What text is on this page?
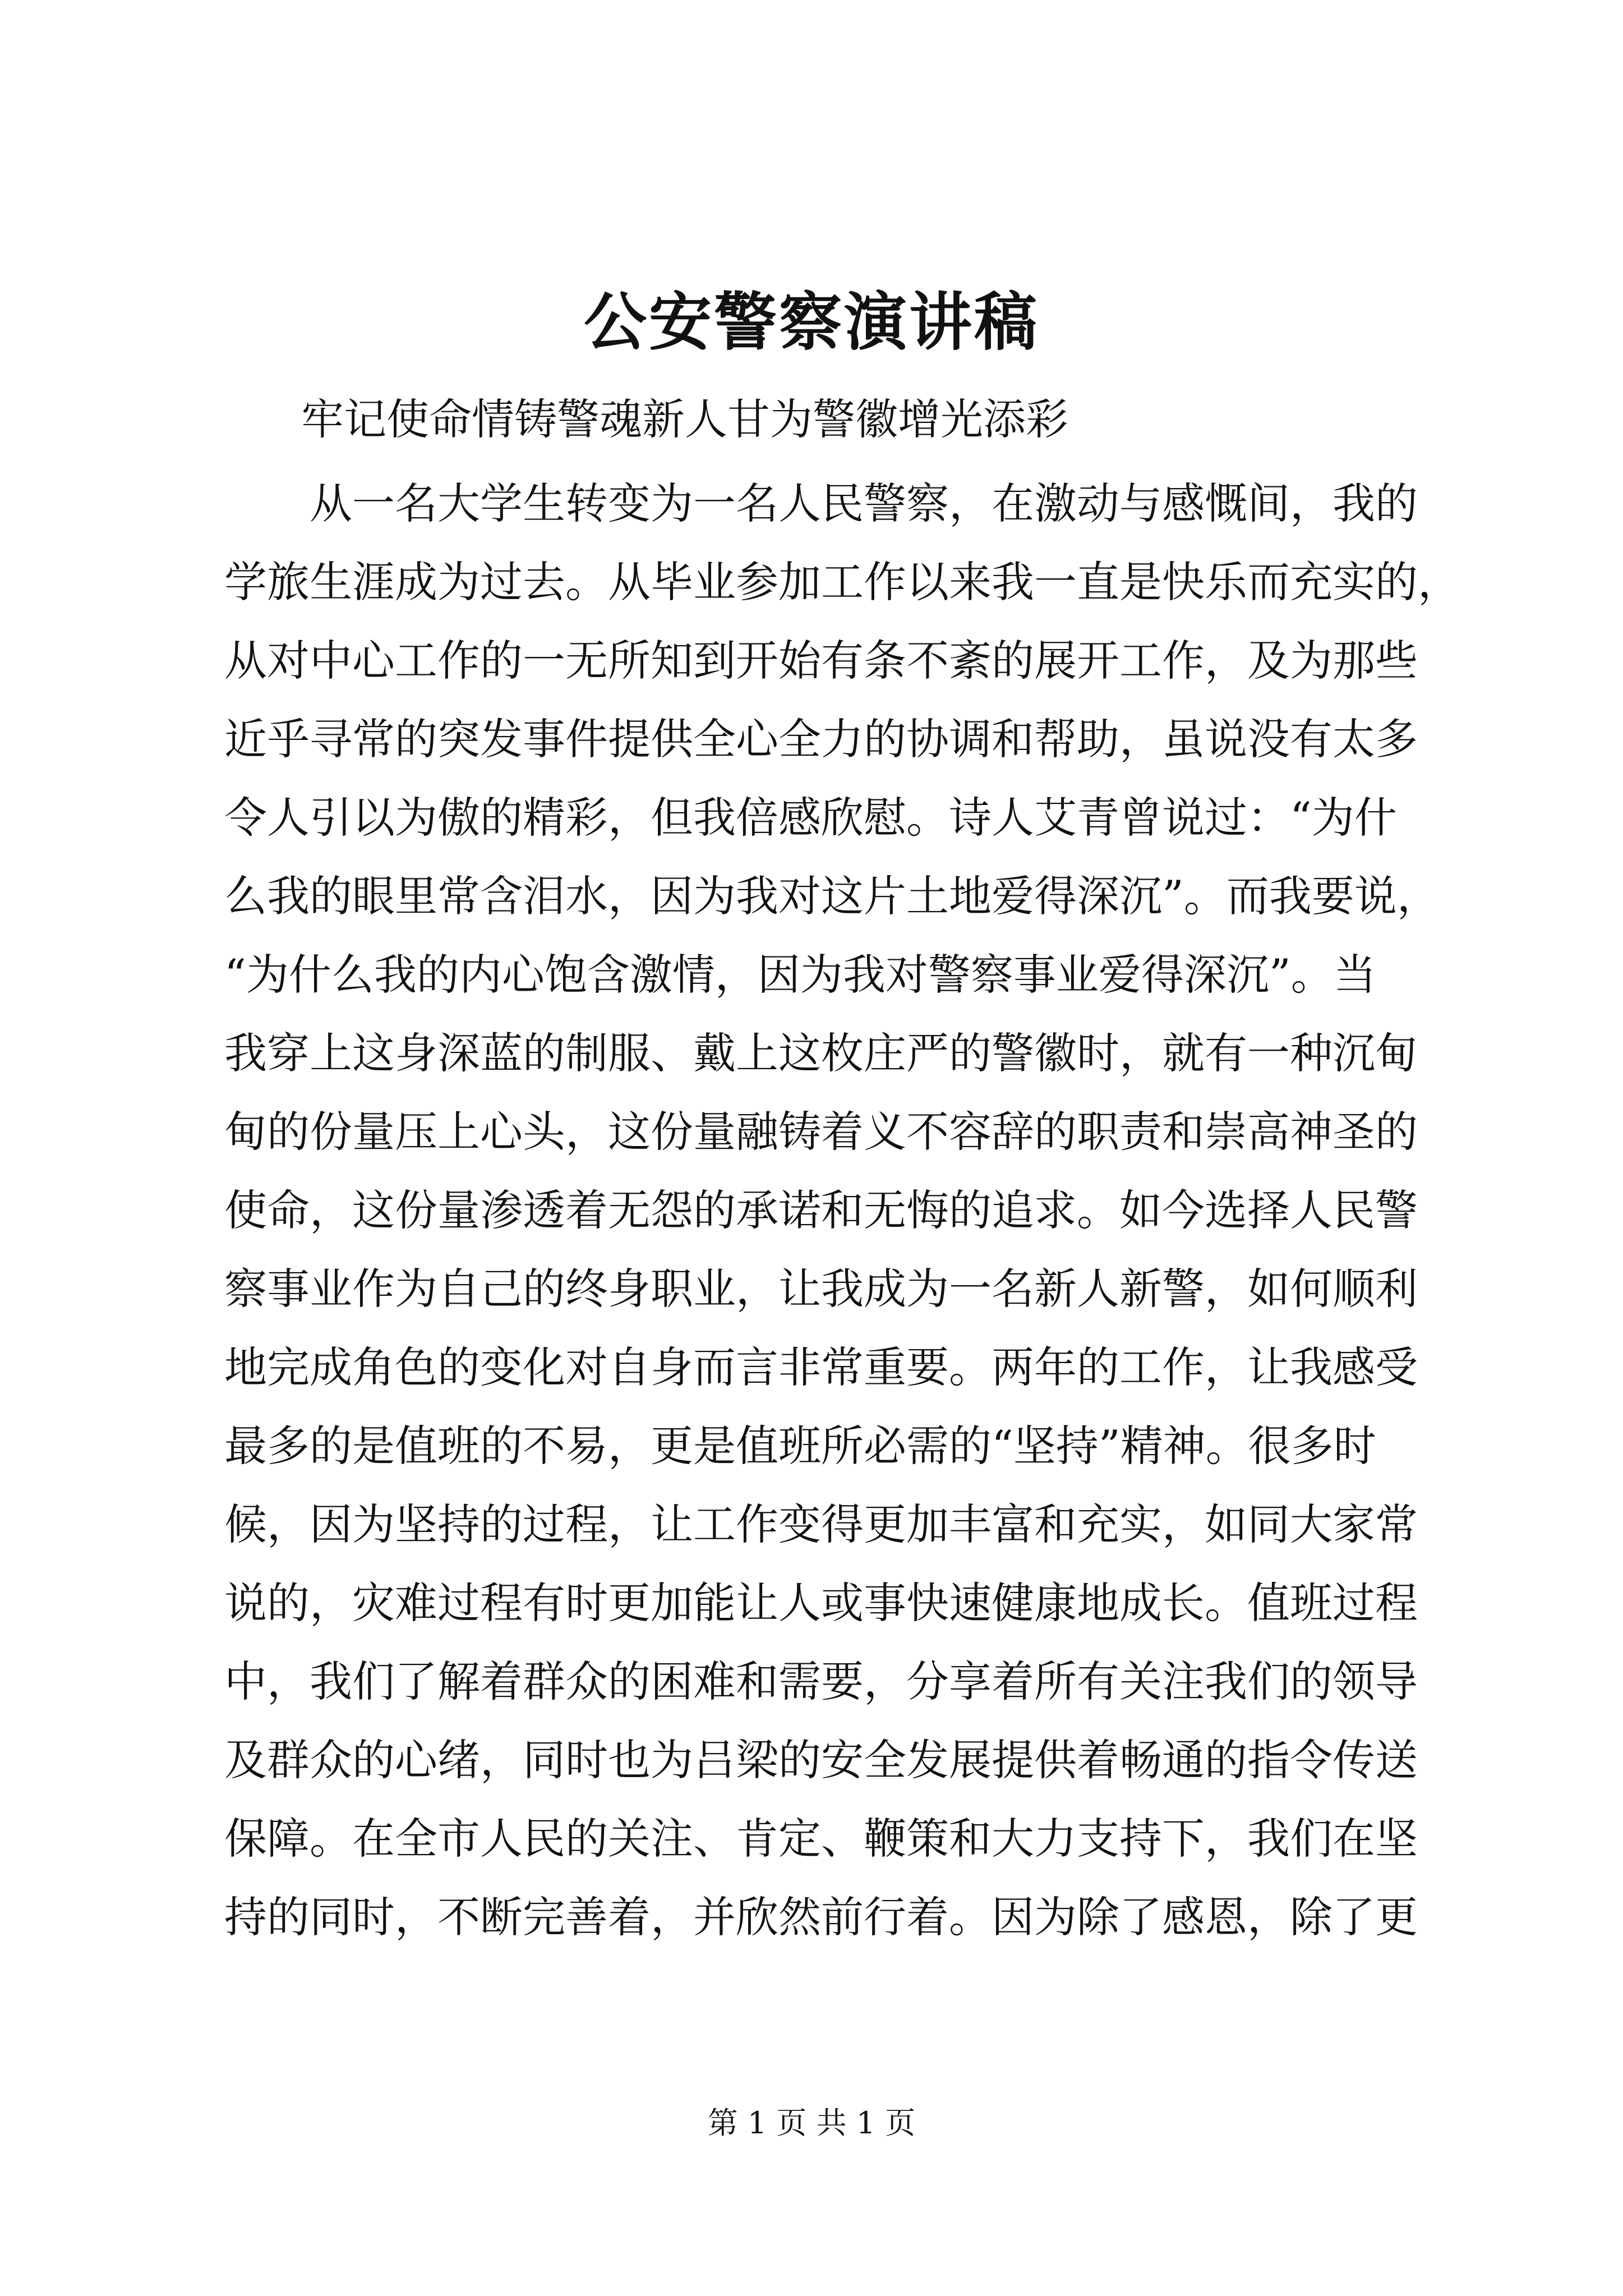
公安警察演讲稿
牢记使命情铸警魂新人甘为警徽增光添彩
　　从一名大学生转变为一名人民警察，在激动与感慨间，我的
学旅生涯成为过去。从毕业参加工作以来我一直是快乐而充实的，
从对中心工作的一无所知到开始有条不紊的展开工作，及为那些
近乎寻常的突发事件提供全心全力的协调和帮助，虽说没有太多
令人引以为傲的精彩，但我倍感欣慰。诗人艾青曾说过：“为什
么我的眼里常含泪水，因为我对这片土地爱得深沉”。而我要说，
“为什么我的内心饱含激情，因为我对警察事业爱得深沉”。当
我穿上这身深蓝的制服、戴上这枚庄严的警徽时，就有一种沉甸
甸的份量压上心头，这份量融铸着义不容辞的职责和崇高神圣的
使命，这份量渗透着无怨的承诺和无悔的追求。如今选择人民警
察事业作为自己的终身职业，让我成为一名新人新警，如何顺利
地完成角色的变化对自身而言非常重要。两年的工作，让我感受
最多的是值班的不易，更是值班所必需的“坚持”精神。很多时
候，因为坚持的过程，让工作变得更加丰富和充实，如同大家常
说的，灾难过程有时更加能让人或事快速健康地成长。值班过程
中，我们了解着群众的困难和需要，分享着所有关注我们的领导
及群众的心绪，同时也为吕梁的安全发展提供着畅通的指令传送
保障。在全市人民的关注、肯定、鞭策和大力支持下，我们在坚
持的同时，不断完善着，并欣然前行着。因为除了感恩，除了更
第 1 页 共 1 页
